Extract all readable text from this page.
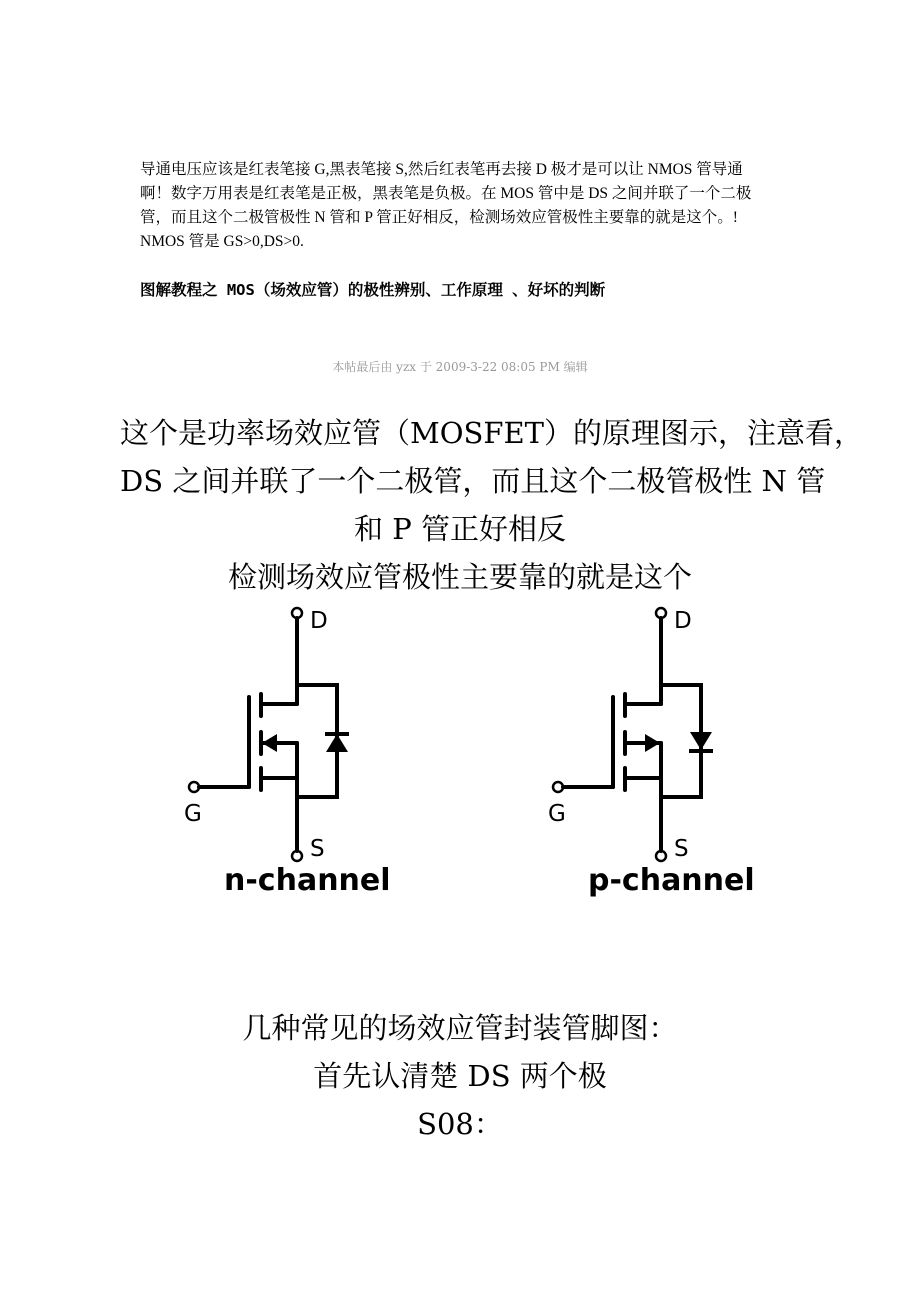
导通电压应该是红表笔接 G,黑表笔接 S,然后红表笔再去接 D 极才是可以让 NMOS 管导通
啊！数字万用表是红表笔是正极，黑表笔是负极。在 MOS 管中是 DS 之间并联了一个二极
管，而且这个二极管极性 N 管和 P 管正好相反，检测场效应管极性主要靠的就是这个。!
NMOS 管是 GS>0,DS>0.

图解教程之 MOS（场效应管）的极性辨别、工作原理 、好坏的判断

本帖最后由 yzx 于 2009-3-22 08:05 PM 编辑

这个是功率场效应管（MOSFET）的原理图示，注意看，

DS 之间并联了一个二极管，而且这个二极管极性 N 管

和 P 管正好相反

检测场效应管极性主要靠的就是这个

D
G
S
n-channel
D
G
S
p-channel

几种常见的场效应管封装管脚图：

首先认清楚 DS 两个极

S08：
